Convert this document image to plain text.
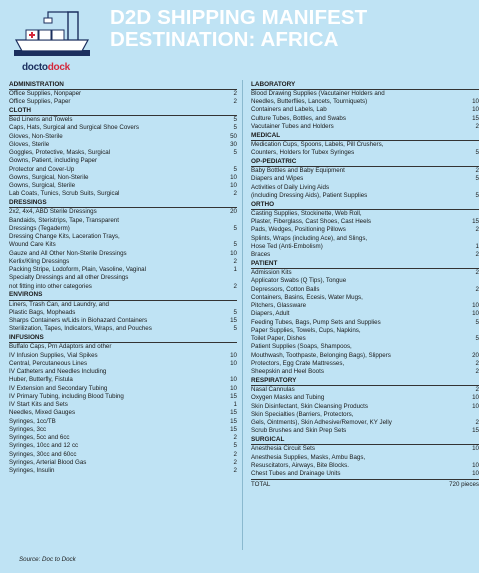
doctodock
D2D SHIPPING MANIFEST
DESTINATION: AFRICA
ADMINISTRATION
Office Supplies, Nonpaper	2
Office Supplies, Paper	2
CLOTH
Bed Linens and Towels	5
Caps, Hats, Surgical and Surgical Shoe Covers	5
Gloves, Non-Sterile	50
Gloves, Sterile	30
Goggles, Protective, Masks, Surgical	5
Gowns, Patient, including Paper
Protector and Cover-Up	5
Gowns, Surgical, Non-Sterile	10
Gowns, Surgical, Sterile	10
Lab Coats, Tunics, Scrub Suits, Surgical	2
DRESSINGS
2x2, 4x4, ABD Sterile Dressings	20
Bandaids, Steristrips, Tape, Transparent
Dressings (Tegaderm)	5
Dressing Change Kits, Laceration Trays,
Wound Care Kits	5
Gauze and All Other Non-Sterile Dressings	10
Kerlix/Kling Dressings	2
Packing Stripe, Lodoform, Plain, Vasoline, Vaginal	1
Specialty Dressings and all other Dressings
not fitting into other categories	2
ENVIRONS
Liners, Trash Can, and Laundry, and
Plastic Bags, Mopheads	5
Sharps Containers w/Lids in Biohazard Containers	15
Sterilization, Tapes, Indicators, Wraps, and Pouches	5
INFUSIONS
Buffalo Caps, Prn Adaptors and other
IV Infusion Supplies, Vial Spikes	10
Central, Percutaneous Lines	10
IV Catheters and Needles Including
Huber, Butterfly, Fistula	10
IV Extension and Secondary Tubing	10
IV Primary Tubing, including Blood Tubing	15
IV Start Kits and Sets	1
Needles, Mixed Gauges	15
Syringes, 1cc/TB	15
Syringes, 3cc	15
Syringes, 5cc and 6cc	2
Syringes, 10cc and 12 cc	5
Syringes, 30cc and 60cc	2
Syringes, Arterial Blood Gas	2
Syringes, Insulin	2
LABORATORY
Blood Drawing Supplies (Vacutainer Holders and
Needles, Butterflies, Lancets, Tourniquets)	10
Containers and Labels, Lab	10
Culture Tubes, Bottles, and Swabs	15
Vacutainer Tubes and Holders	2
MEDICAL
Medication Cups, Spoons, Labels, Pill Crushers,
Counters, Holders for Tubex Syringes	5
OP-PEDIATRIC
Baby Bottles and Baby Equipment	2
Diapers and Wipes	5
Activities of Daily Living Aids
(including Dressing Aids), Patient Supplies	5
ORTHO
Casting Supplies, Stockinette, Web Roll,
Plaster, Fiberglass, Cast Shoes, Cast Heels	15
Pads, Wedges, Positioning Pillows	2
Splints, Wraps (including Ace), and Slings,
Hose Ted (Anti-Embolism)	1
Braces	2
PATIENT
Admission Kits	2
Applicator Swabs (Q Tips), Tongue
Depressors, Cotton Balls	2
Containers, Basins, Ecesis, Water Mugs,
Pitchers, Glassware	10
Diapers, Adult	10
Feeding Tubes, Bags, Pump Sets and Supplies	5
Paper Supplies, Towels, Cups, Napkins,
Toilet Paper, Dishes	5
Patient Supplies (Soaps, Shampoos,
Mouthwash, Toothpaste, Belonging Bags), Slippers	20
Protectors, Egg Crate Mattresses,	2
Sheepskin and Heel Boots	2
RESPIRATORY
Nasal Cannulas	2
Oxygen Masks and Tubing	10
Skin Disinfectant, Skin Cleansing Products	10
Skin Specialties (Barriers, Protectors,
Gels, Ointments), Skin Adhesive/Remover, KY Jelly	2
Scrub Brushes and Skin Prep Sets	15
SURGICAL
Anesthesia Circuit Sets	10
Anesthesia Supplies, Masks, Ambu Bags,
Resuscitators, Airways, Bite Blocks.	10
Chest Tubes and Drainage Units	10
TOTAL	720 pieces
Source: Doc to Dock
